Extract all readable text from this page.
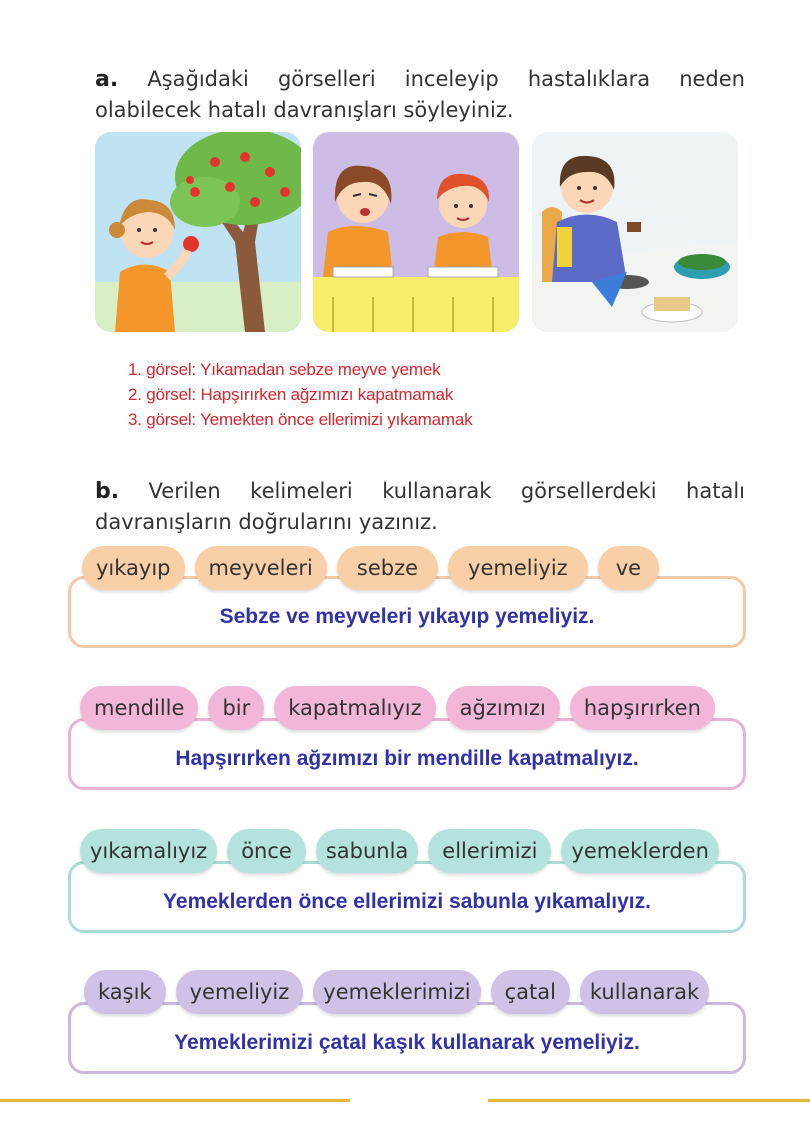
a. Aşağıdaki görselleri inceleyip hastalıklara neden olabilecek hatalı davranışları söyleyiniz.
1. görsel: Yıkamadan sebze meyve yemek
2. görsel: Hapşırırken ağzımızı kapatmamak
3. görsel: Yemekten önce ellerimizi yıkamamak
b. Verilen kelimeleri kullanarak görsellerdeki hatalı davranışların doğrularını yazınız.
Sebze ve meyveleri yıkayıp yemeliyiz.
yıkayıp	meyveleri	sebze	yemeliyiz	ve
Hapşırırken ağzımızı bir mendille kapatmalıyız.
mendille	bir	kapatmalıyız	ağzımızı	hapşırırken
Yemeklerden önce ellerimizi sabunla yıkamalıyız.
yıkamalıyız	önce	sabunla	ellerimizi	yemeklerden
Yemeklerimizi çatal kaşık kullanarak yemeliyiz.
kaşık	yemeliyiz	yemeklerimizi	çatal	kullanarak
